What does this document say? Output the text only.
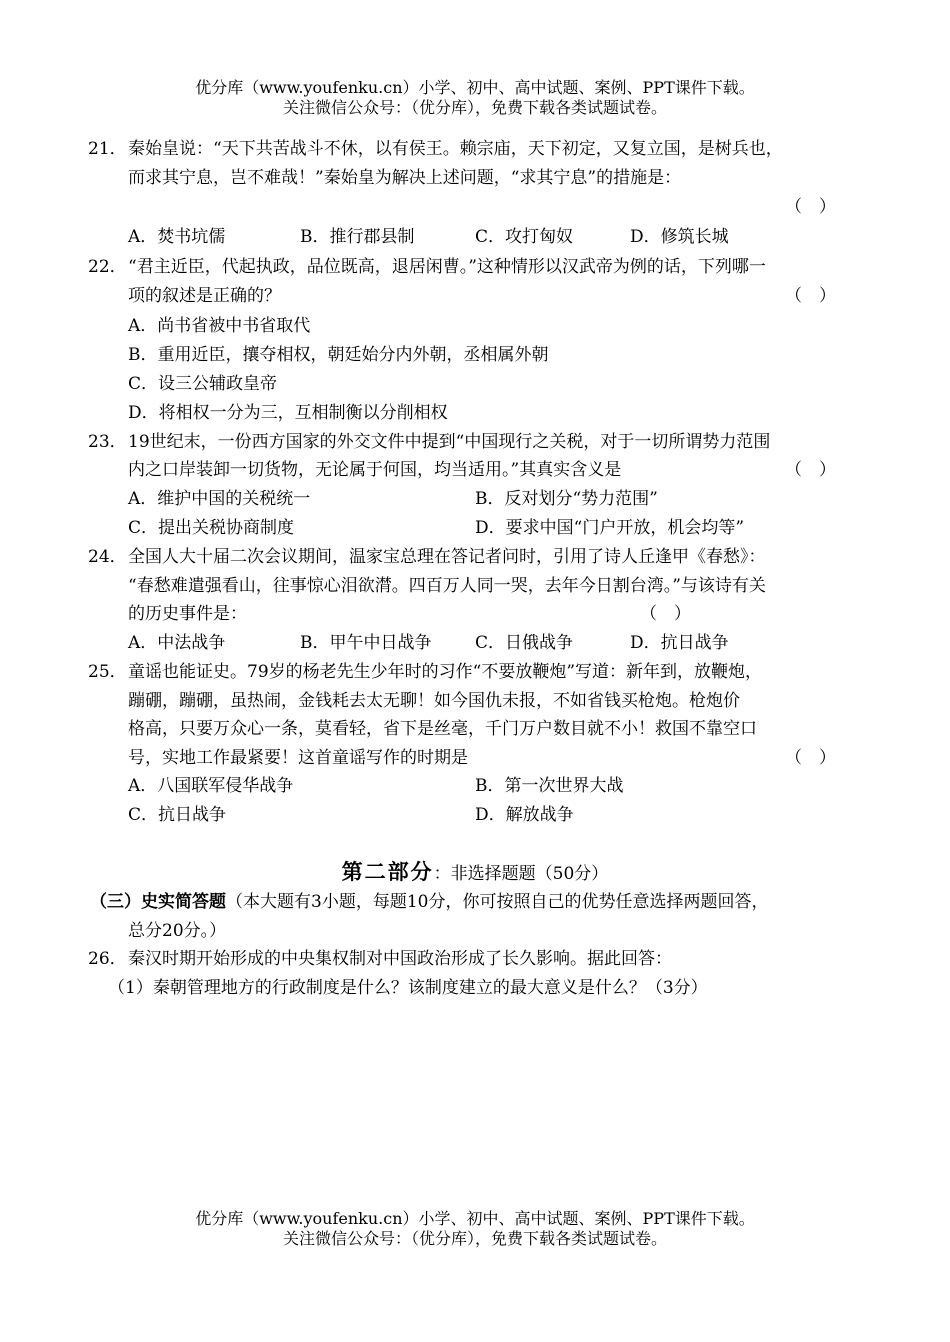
优分库（www.youfenku.cn）小学、初中、高中试题、案例、PPT课件下载。
关注微信公众号：（优分库），免费下载各类试题试卷。
21． 秦始皇说：“天下共苦战斗不休，以有侯王。赖宗庙，天下初定，又复立国，是树兵也，
而求其宁息，岂不难哉！”秦始皇为解决上述问题，“求其宁息”的措施是：
（　）
A．焚书坑儒	B．推行郡县制	C．攻打匈奴	D．修筑长城
22． “君主近臣，代起执政，品位既高，退居闲曹。”这种情形以汉武帝为例的话，下列哪一
项的叙述是正确的？	（　）
A．尚书省被中书省取代
B．重用近臣，攘夺相权，朝廷始分内外朝，丞相属外朝
C．设三公辅政皇帝
D．将相权一分为三，互相制衡以分削相权
23． 19世纪末，一份西方国家的外交文件中提到“中国现行之关税，对于一切所谓势力范围
内之口岸装卸一切货物，无论属于何国，均当适用。”其真实含义是	（　）
A．维护中国的关税统一	B．反对划分“势力范围”
C．提出关税协商制度	D．要求中国“门户开放，机会均等”
24． 全国人大十届二次会议期间，温家宝总理在答记者问时，引用了诗人丘逢甲《春愁》：
“春愁难遣强看山，往事惊心泪欲潸。四百万人同一哭，去年今日割台湾。”与该诗有关
的历史事件是：	（　）
A．中法战争	B．甲午中日战争	C．日俄战争	D．抗日战争
25． 童谣也能证史。79岁的杨老先生少年时的习作“不要放鞭炮”写道：新年到，放鞭炮，
蹦硼，蹦硼，虽热闹，金钱耗去太无聊！如今国仇未报，不如省钱买枪炮。枪炮价
格高，只要万众心一条，莫看轻，省下是丝毫，千门万户数目就不小！救国不靠空口
号，实地工作最紧要！这首童谣写作的时期是	（　）
A．八国联军侵华战争	B．第一次世界大战
C．抗日战争	D．解放战争
第二部分：非选择题题（50分）
（三）史实简答题（本大题有3小题，每题10分，你可按照自己的优势任意选择两题回答，
总分20分。）
26． 秦汉时期开始形成的中央集权制对中国政治形成了长久影响。据此回答：
（1）秦朝管理地方的行政制度是什么？该制度建立的最大意义是什么？（3分）
优分库（www.youfenku.cn）小学、初中、高中试题、案例、PPT课件下载。
关注微信公众号：（优分库），免费下载各类试题试卷。
